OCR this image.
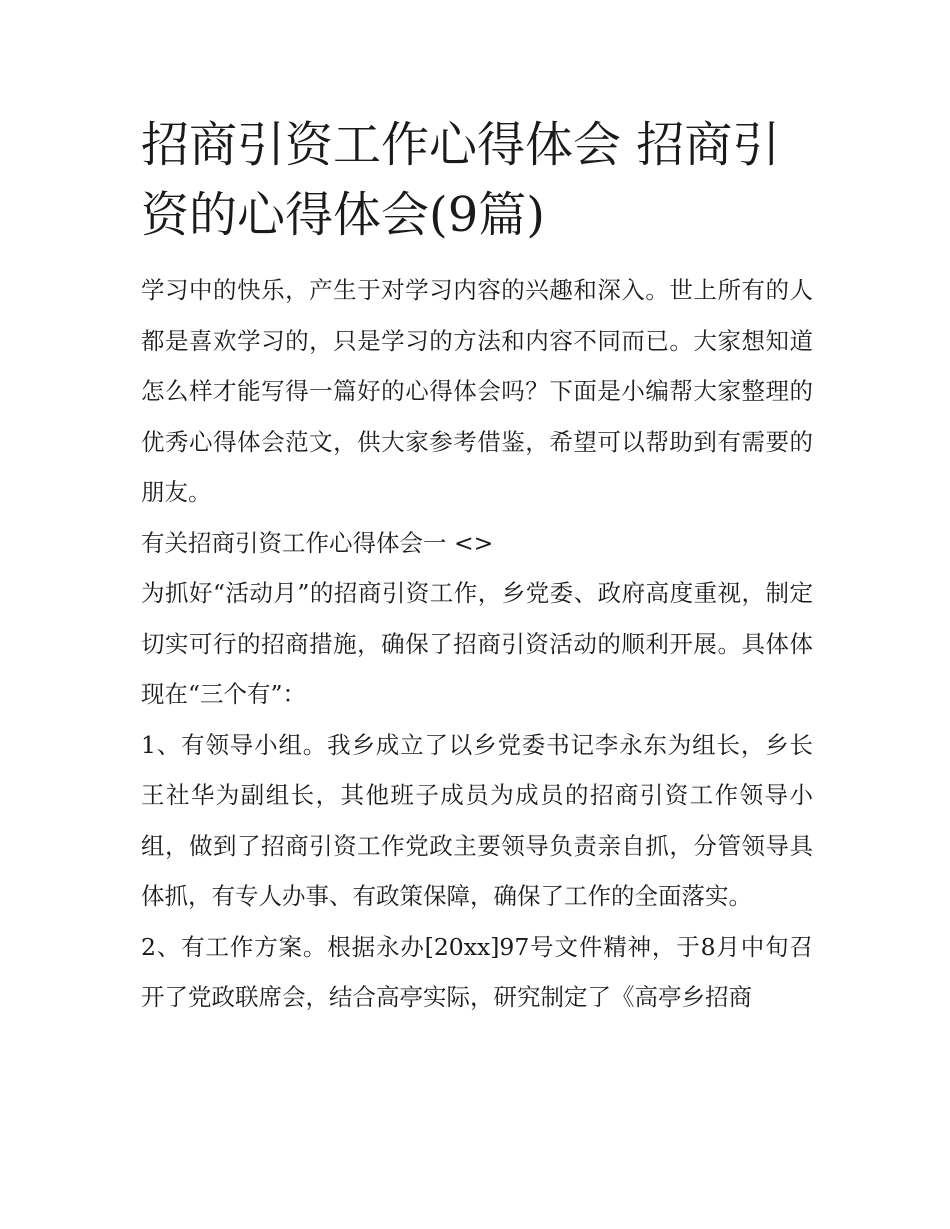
招商引资工作心得体会 招商引资的心得体会(9篇)

学习中的快乐，产生于对学习内容的兴趣和深入。世上所有的人都是喜欢学习的，只是学习的方法和内容不同而已。大家想知道怎么样才能写得一篇好的心得体会吗？下面是小编帮大家整理的优秀心得体会范文，供大家参考借鉴，希望可以帮助到有需要的朋友。

有关招商引资工作心得体会一 <>

为抓好“活动月”的招商引资工作，乡党委、政府高度重视，制定切实可行的招商措施，确保了招商引资活动的顺利开展。具体体现在“三个有”：

1、有领导小组。我乡成立了以乡党委书记李永东为组长，乡长王社华为副组长，其他班子成员为成员的招商引资工作领导小组，做到了招商引资工作党政主要领导负责亲自抓，分管领导具体抓，有专人办事、有政策保障，确保了工作的全面落实。

2、有工作方案。根据永办[20xx]97号文件精神，于8月中旬召开了党政联席会，结合高亭实际，研究制定了《高亭乡招商
